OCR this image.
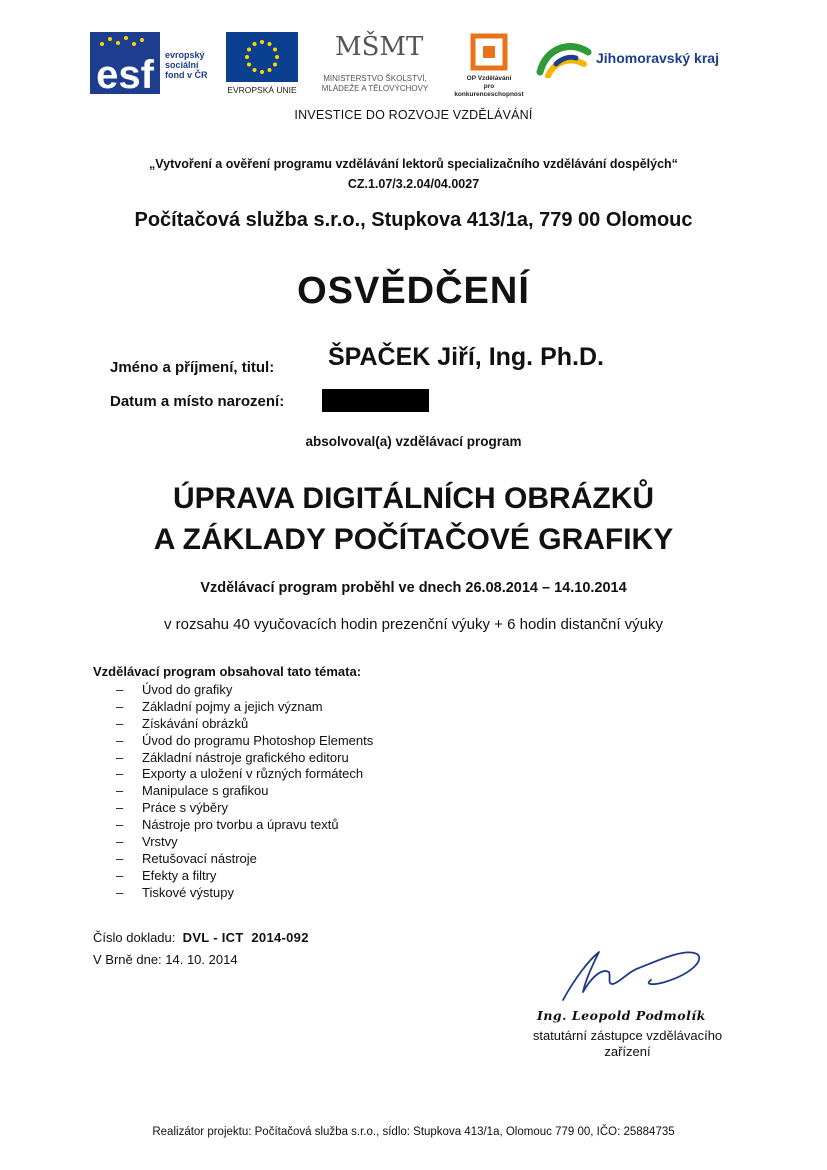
esf evropský
sociální
fond v ČR
EVROPSKÁ UNIE
MŠMT
MINISTERSTVO ŠKOLSTVÍ,
MLÁDEŽE A TĚLOVÝCHOVY
OP Vzdělávání
pro konkurenceschopnost
Jihomoravský kraj
INVESTICE DO ROZVOJE VZDĚLÁVÁNÍ
„Vytvoření a ověření programu vzdělávání lektorů specializačního vzdělávání dospělých“
CZ.1.07/3.2.04/04.0027
Počítačová služba s.r.o., Stupkova 413/1a, 779 00 Olomouc
OSVĚDČENÍ
Jméno a příjmení, titul: ŠPAČEK Jiří, Ing. Ph.D.
Datum a místo narození:
absolvoval(a) vzdělávací program
ÚPRAVA DIGITÁLNÍCH OBRÁZKŮ
A ZÁKLADY POČÍTAČOVÉ GRAFIKY
Vzdělávací program proběhl ve dnech 26.08.2014 – 14.10.2014
v rozsahu 40 vyučovacích hodin prezenční výuky + 6 hodin distanční výuky
Vzdělávací program obsahoval tato témata:
– Úvod do grafiky
– Základní pojmy a jejich význam
– Získávání obrázků
– Úvod do programu Photoshop Elements
– Základní nástroje grafického editoru
– Exporty a uložení v různých formátech
– Manipulace s grafikou
– Práce s výběry
– Nástroje pro tvorbu a úpravu textů
– Vrstvy
– Retušovací nástroje
– Efekty a filtry
– Tiskové výstupy
Číslo dokladu: DVL - ICT  2014-092
V Brně dne: 14. 10. 2014
Ing. Leopold Podmolík
statutární zástupce vzdělávacího
zařízení
Realizátor projektu: Počítačová služba s.r.o., sídlo: Stupkova 413/1a, Olomouc 779 00, IČO: 25884735
